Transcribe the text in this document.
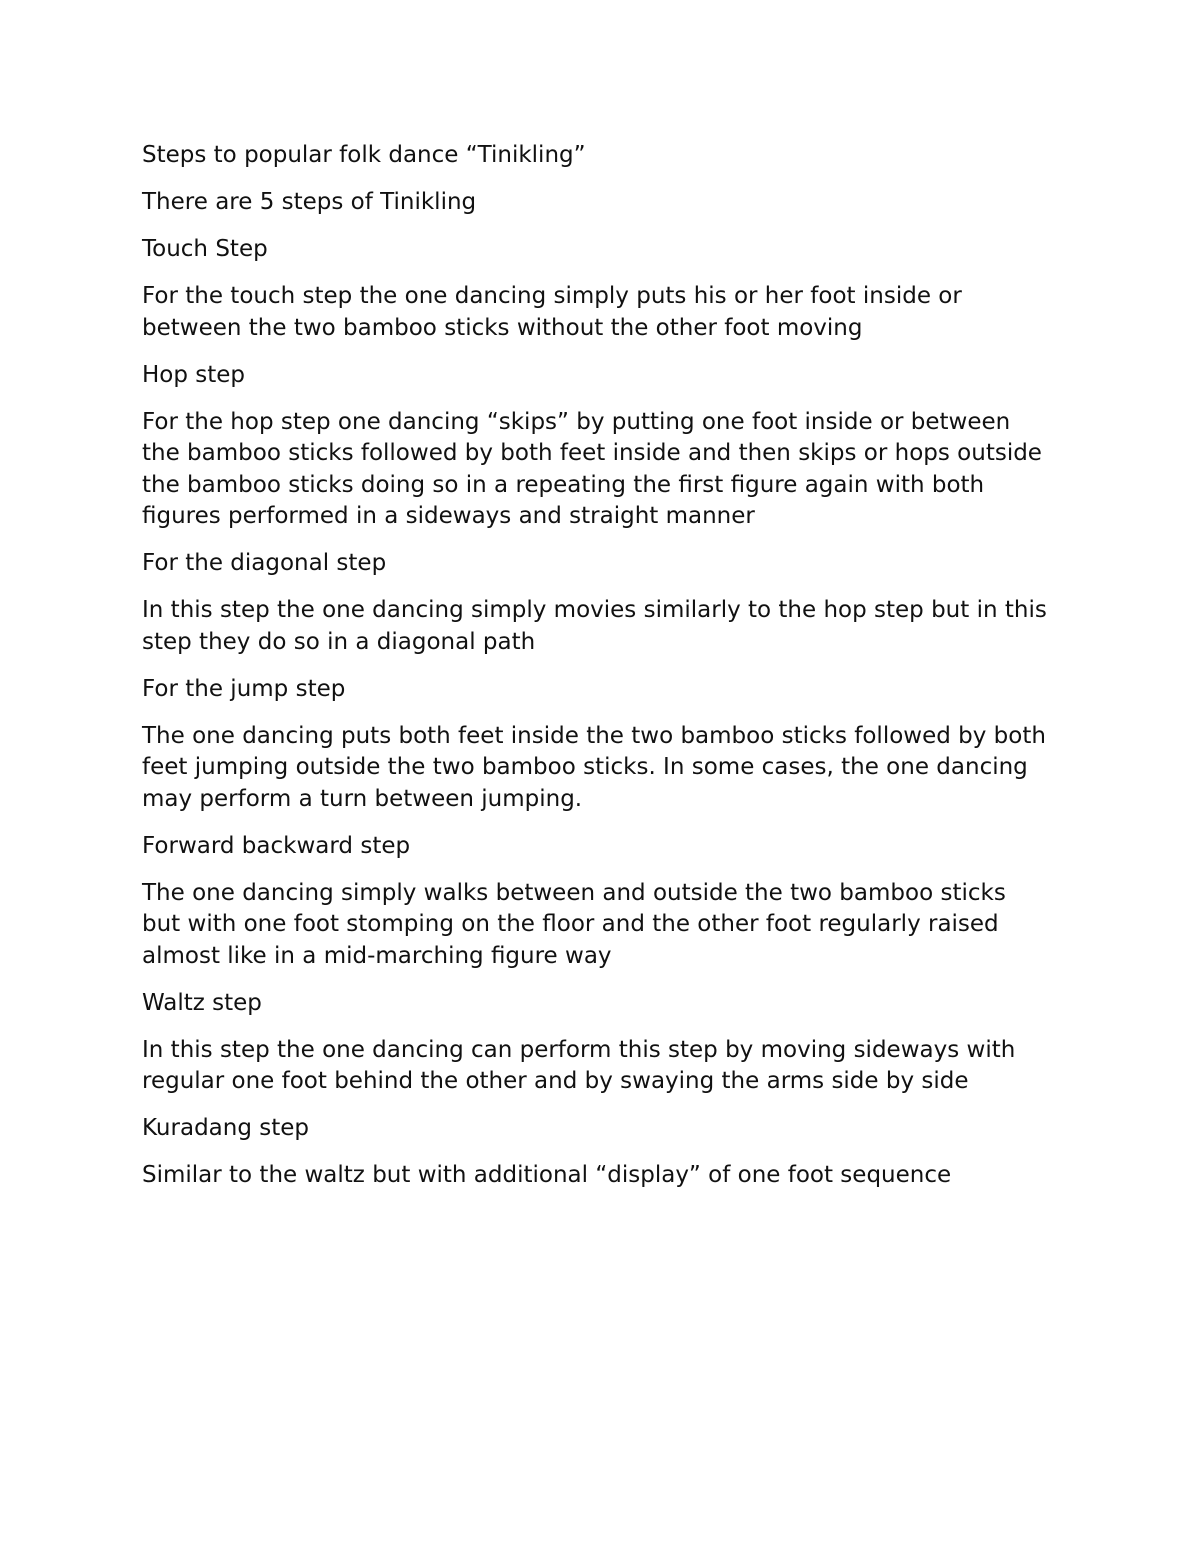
Steps to popular folk dance “Tinikling”

There are 5 steps of Tinikling

Touch Step

For the touch step the one dancing simply puts his or her foot inside or between the two bamboo sticks without the other foot moving

Hop step

For the hop step one dancing “skips” by putting one foot inside or between the bamboo sticks followed by both feet inside and then skips or hops outside the bamboo sticks doing so in a repeating the first figure again with both figures performed in a sideways and straight manner

For the diagonal step

In this step the one dancing simply movies similarly to the hop step but in this step they do so in a diagonal path

For the jump step

The one dancing puts both feet inside the two bamboo sticks followed by both feet jumping outside the two bamboo sticks. In some cases, the one dancing may perform a turn between jumping.

Forward backward step

The one dancing simply walks between and outside the two bamboo sticks but with one foot stomping on the floor and the other foot regularly raised almost like in a mid-marching figure way

Waltz step

In this step the one dancing can perform this step by moving sideways with regular one foot behind the other and by swaying the arms side by side

Kuradang step

Similar to the waltz but with additional “display” of one foot sequence
